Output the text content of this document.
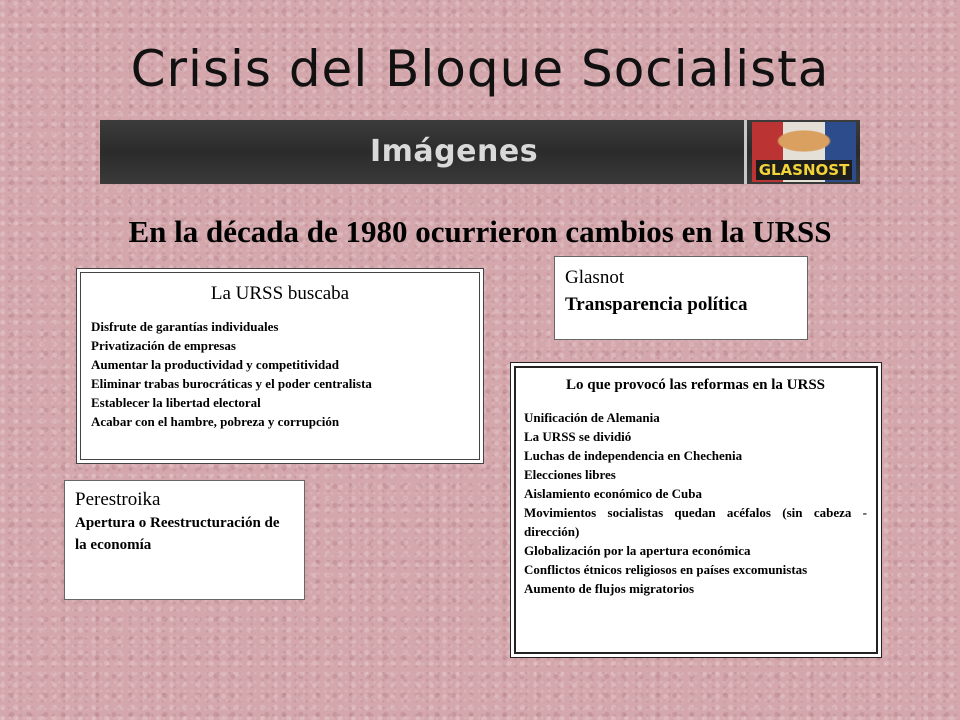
Crisis del Bloque Socialista
Imágenes
GLASNOST
En la década de 1980 ocurrieron cambios en la URSS
La URSS buscaba
Disfrute de garantías individuales
Privatización de empresas
Aumentar la productividad y competitividad
Eliminar trabas burocráticas y el poder centralista
Establecer la libertad electoral
Acabar con el hambre, pobreza y corrupción
Glasnot
Transparencia política
Perestroika
Apertura o Reestructuración de la economía
Lo que provocó las reformas en la URSS
Unificación de Alemania
La URSS se dividió
Luchas de independencia en Chechenia
Elecciones libres
Aislamiento económico de Cuba
Movimientos socialistas quedan acéfalos (sin cabeza - dirección)
Globalización por la apertura económica
Conflictos étnicos religiosos en países excomunistas
Aumento de flujos migratorios
